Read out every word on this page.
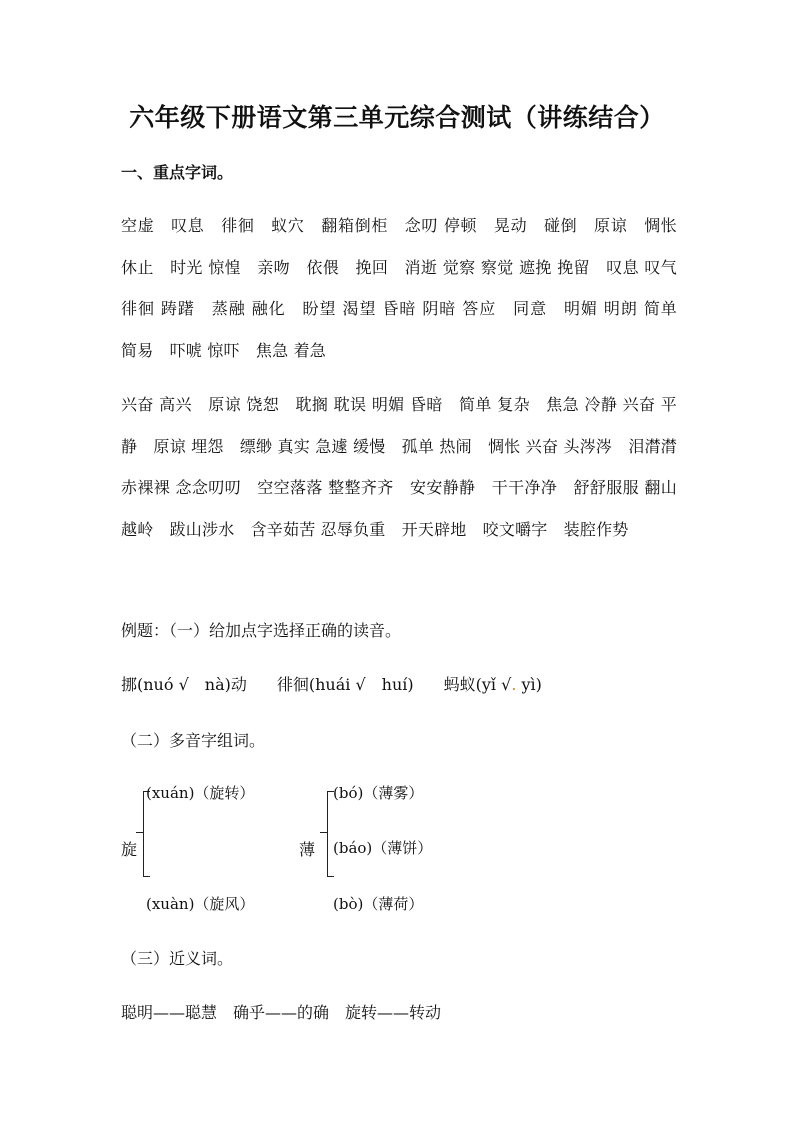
六年级下册语文第三单元综合测试（讲练结合）
一、重点字词。
空虚　叹息　徘徊　蚁穴　翻箱倒柜　念叨 停顿　晃动　碰倒　原谅　惆怅　休止　时光 惊惶　亲吻　依偎　挽回　消逝 觉察 察觉 遮挽 挽留　叹息 叹气 徘徊 踌躇　蒸融 融化　盼望 渴望 昏暗 阴暗 答应　同意　明媚 明朗 简单　简易　吓唬 惊吓　焦急 着急
兴奋 高兴　原谅 饶恕　耽搁 耽误 明媚 昏暗　简单 复杂　焦急 冷静 兴奋 平静　原谅 埋怨　缥缈 真实 急遽 缓慢　孤单 热闹　惆怅 兴奋 头涔涔　泪潸潸　赤裸裸 念念叨叨　空空落落 整整齐齐　安安静静　干干净净　舒舒服服 翻山越岭　跋山涉水　含辛茹苦 忍辱负重　开天辟地　咬文嚼字　装腔作势
例题：（一）给加点字选择正确的读音。
挪(nuó √　nà)动 徘徊(huái √　huí) 蚂蚁(yǐ √. yì)
（二）多音字组词。
旋
(xuán)（旋转）
(xuàn)（旋风）
薄
(bó)（薄雾）
(báo)（薄饼）
(bò)（薄荷）
（三）近义词。
聪明——聪慧　确乎——的确　旋转——转动
